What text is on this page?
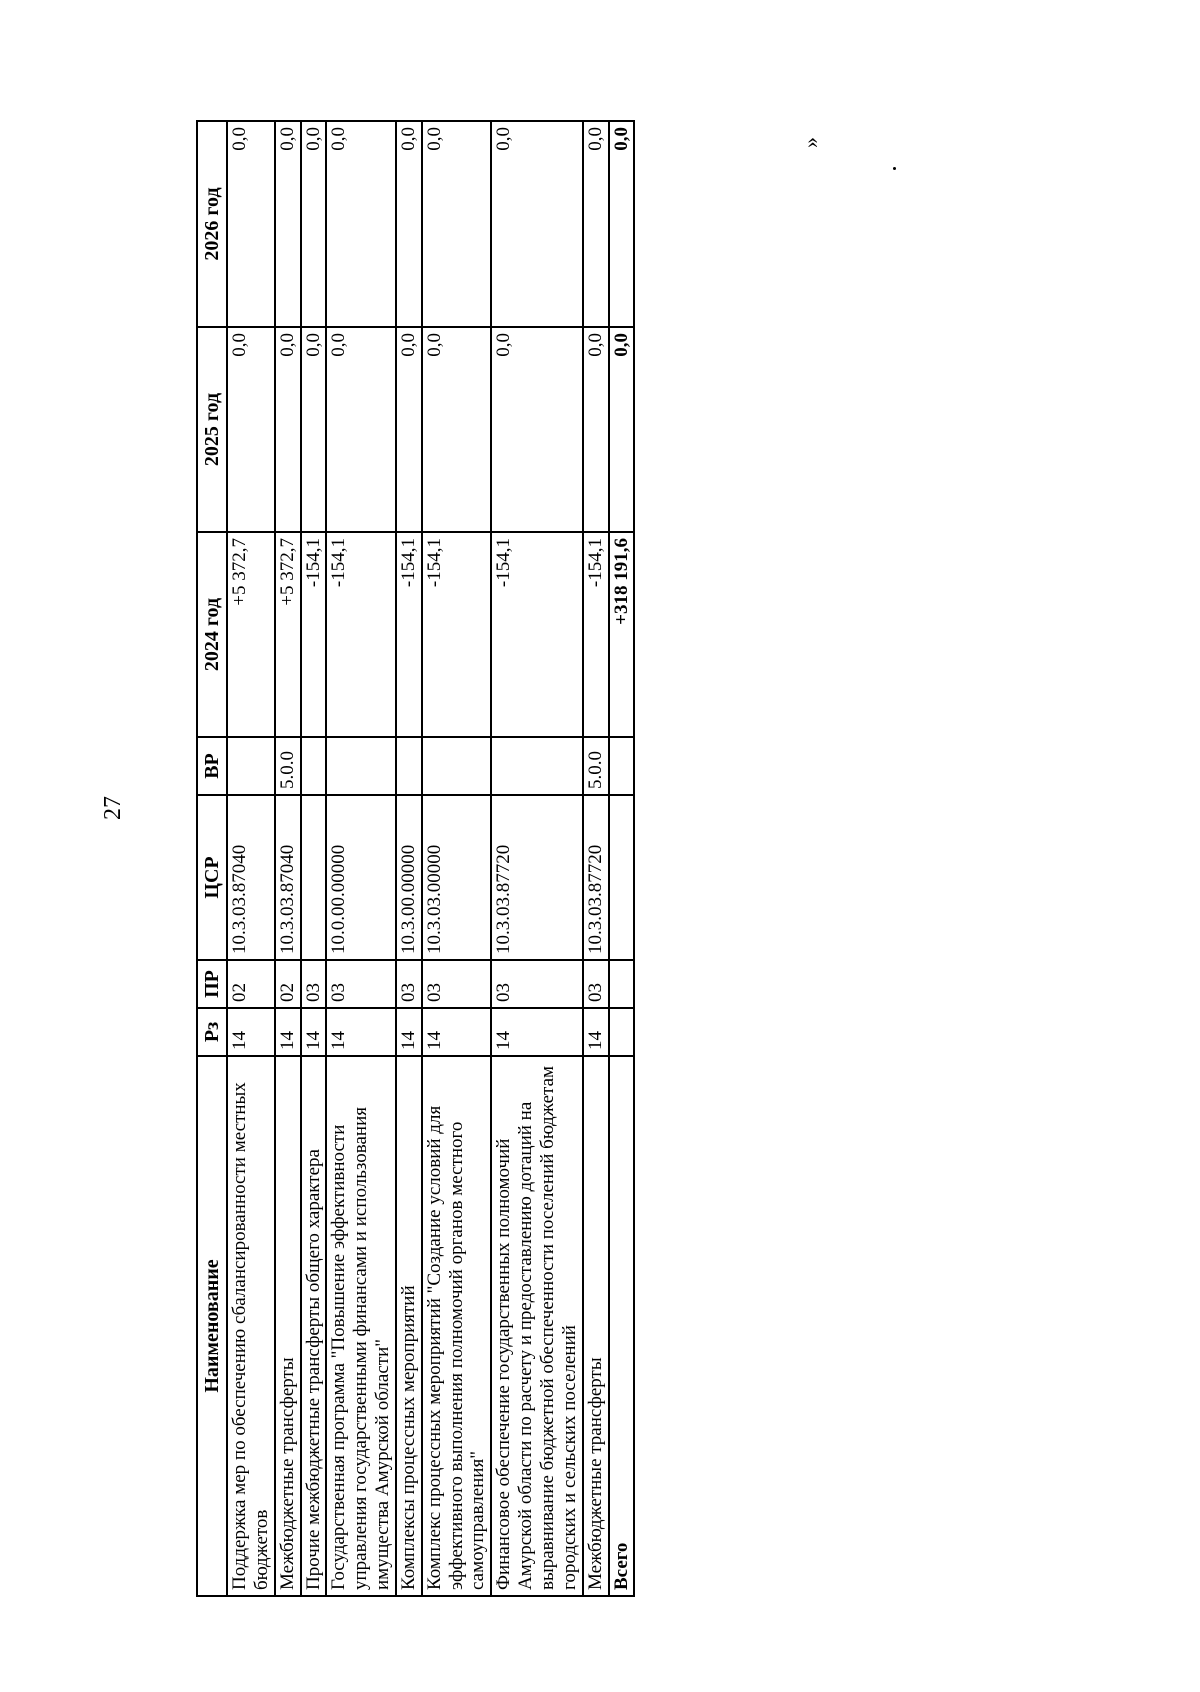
27
Наименование	Рз	ПР	ЦСР	ВР	2024 год	2025 год	2026 год
Поддержка мер по обеспечению сбалансированности местных бюджетов	14	02	10.3.03.87040		+5 372,7	0,0	0,0
Межбюджетные трансферты	14	02	10.3.03.87040	5.0.0	+5 372,7	0,0	0,0
Прочие межбюджетные трансферты общего характера	14	03			-154,1	0,0	0,0
Государственная программа "Повышение эффективности управления государственными финансами и использования имущества Амурской области"	14	03	10.0.00.00000		-154,1	0,0	0,0
Комплексы процессных мероприятий	14	03	10.3.00.00000		-154,1	0,0	0,0
Комплекс процессных мероприятий "Создание условий для эффективного выполнения полномочий органов местного самоуправления"	14	03	10.3.03.00000		-154,1	0,0	0,0
Финансовое обеспечение государственных полномочий Амурской области по расчету и предоставлению дотаций на выравнивание бюджетной обеспеченности поселений бюджетам городских и сельских поселений	14	03	10.3.03.87720		-154,1	0,0	0,0
Межбюджетные трансферты	14	03	10.3.03.87720	5.0.0	-154,1	0,0	0,0
Всего					+318 191,6	0,0	0,0	»
